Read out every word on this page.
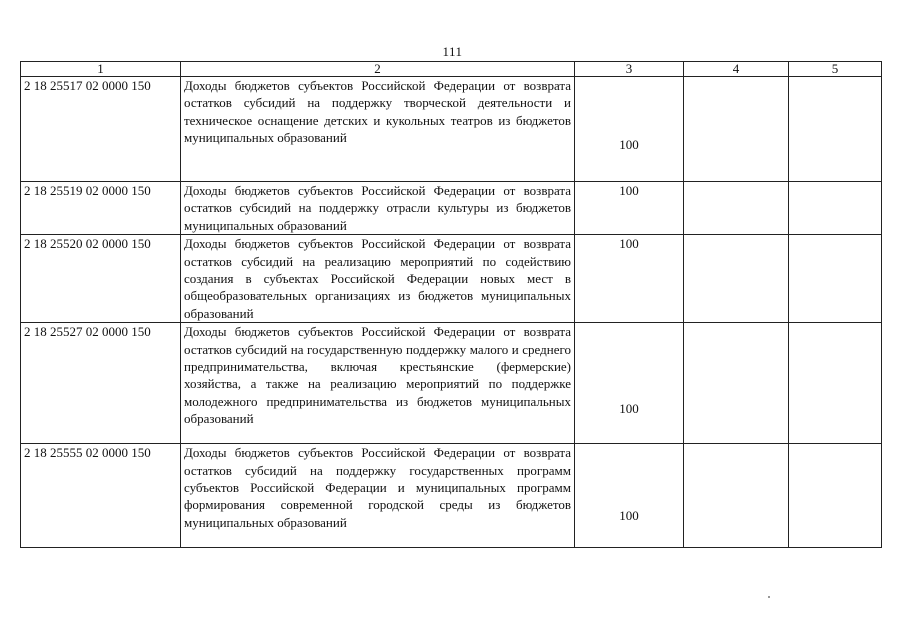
111
1	2	3	4	5
2 18 25517 02 0000 150	Доходы бюджетов субъектов Российской Федерации от возврата остатков субсидий на поддержку творческой деятельности и техническое оснащение детских и кукольных театров из бюджетов муниципальных образований	100		
2 18 25519 02 0000 150	Доходы бюджетов субъектов Российской Федерации от возврата остатков субсидий на поддержку отрасли культуры из бюджетов муниципальных образований	100		
2 18 25520 02 0000 150	Доходы бюджетов субъектов Российской Федерации от возврата остатков субсидий на реализацию мероприятий по содействию создания в субъектах Российской Федерации новых мест в общеобразовательных организациях из бюджетов муниципальных образований	100		
2 18 25527 02 0000 150	Доходы бюджетов субъектов Российской Федерации от возврата остатков субсидий на государственную поддержку малого и среднего предпринимательства, включая крестьянские (фермерские) хозяйства, а также на реализацию мероприятий по поддержке молодежного предпринимательства из бюджетов муниципальных образований	100		
2 18 25555 02 0000 150	Доходы бюджетов субъектов Российской Федерации от возврата остатков субсидий на поддержку государственных программ субъектов Российской Федерации и муниципальных программ формирования современной городской среды из бюджетов муниципальных образований	100		
